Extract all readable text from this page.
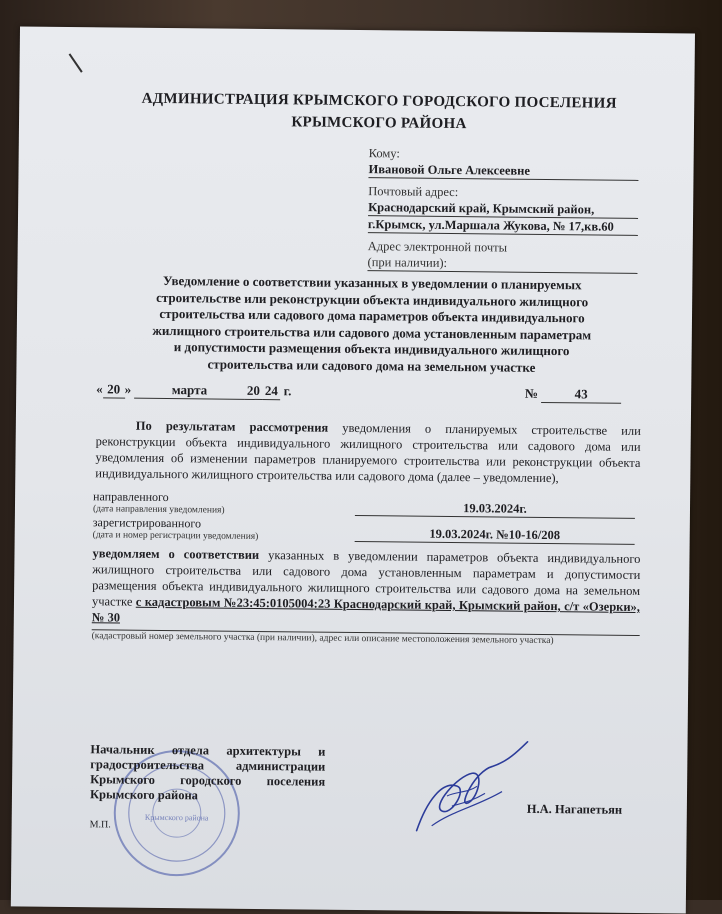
АДМИНИСТРАЦИЯ КРЫМСКОГО ГОРОДСКОГО ПОСЕЛЕНИЯ
КРЫМСКОГО РАЙОНА
Кому:
Ивановой Ольге Алексеевне
Почтовый адрес:
Краснодарский край, Крымский район,
г.Крымск, ул.Маршала Жукова, № 17,кв.60
Адрес электронной почты
(при наличии):
Уведомление о соответствии указанных в уведомлении о планируемых
строительстве или реконструкции объекта индивидуального жилищного
строительства или садового дома параметров объекта индивидуального
жилищного строительства или садового дома установленным параметрам
и допустимости размещения объекта индивидуального жилищного
строительства или садового дома на земельном участке
« 20 »	марта	20 24 г.	№	43
По результатам рассмотрения уведомления о планируемых строительстве или реконструкции объекта индивидуального жилищного строительства или садового дома или уведомления об изменении параметров планируемого строительства или реконструкции объекта индивидуального жилищного строительства или садового дома (далее – уведомление),
направленного
(дата направления уведомления)	19.03.2024г.
зарегистрированного
(дата и номер регистрации уведомления)	19.03.2024г. №10-16/208
уведомляем о соответствии указанных в уведомлении параметров объекта индивидуального жилищного строительства или садового дома установленным параметрам и допустимости размещения объекта индивидуального жилищного строительства или садового дома на земельном участке с кадастровым №23:45:0105004:23 Краснодарский край, Крымский район, с/т «Озерки», № 30
(кадастровый номер земельного участка (при наличии), адрес или описание местоположения земельного участка)
Крымского района
Начальник отдела архитектуры и градостроительства администрации Крымского городского поселения Крымского района
М.П.
Н.А. Нагапетьян
